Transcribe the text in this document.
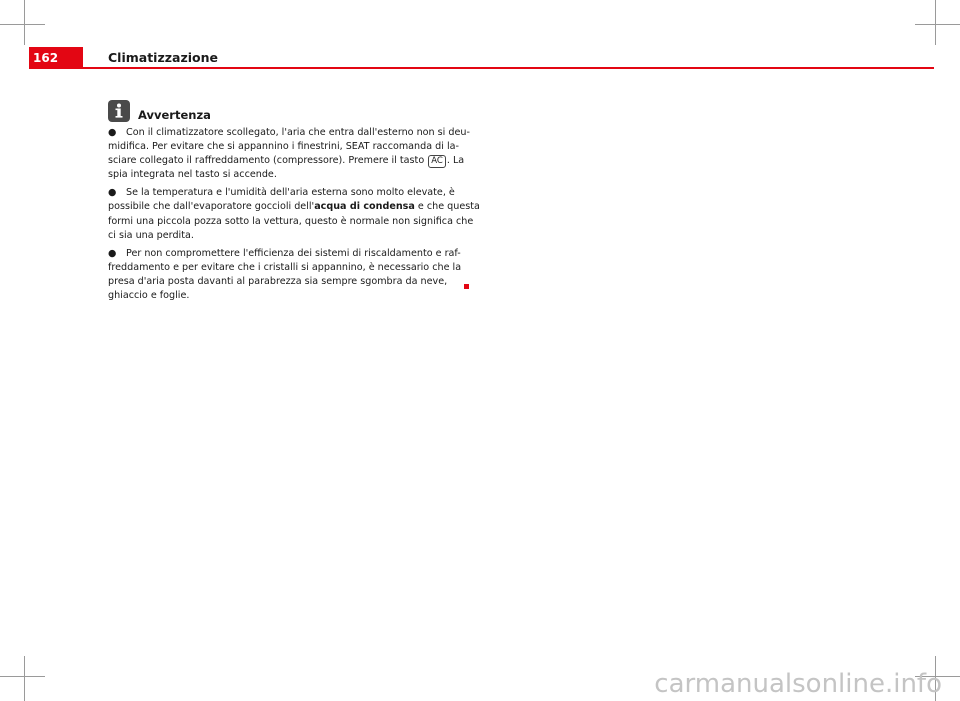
162	Climatizzazione
Avvertenza
● Con il climatizzatore scollegato, l'aria che entra dall'esterno non si deu-
midifica. Per evitare che si appannino i finestrini, SEAT raccomanda di la-
sciare collegato il raffreddamento (compressore). Premere il tasto AC . La
spia integrata nel tasto si accende.
● Se la temperatura e l'umidità dell'aria esterna sono molto elevate, è
possibile che dall'evaporatore goccioli dell'acqua di condensa e che questa
formi una piccola pozza sotto la vettura, questo è normale non significa che
ci sia una perdita.
● Per non compromettere l'efficienza dei sistemi di riscaldamento e raf-
freddamento e per evitare che i cristalli si appannino, è necessario che la
presa d'aria posta davanti al parabrezza sia sempre sgombra da neve,
ghiaccio e foglie.
carmanualsonline.info
